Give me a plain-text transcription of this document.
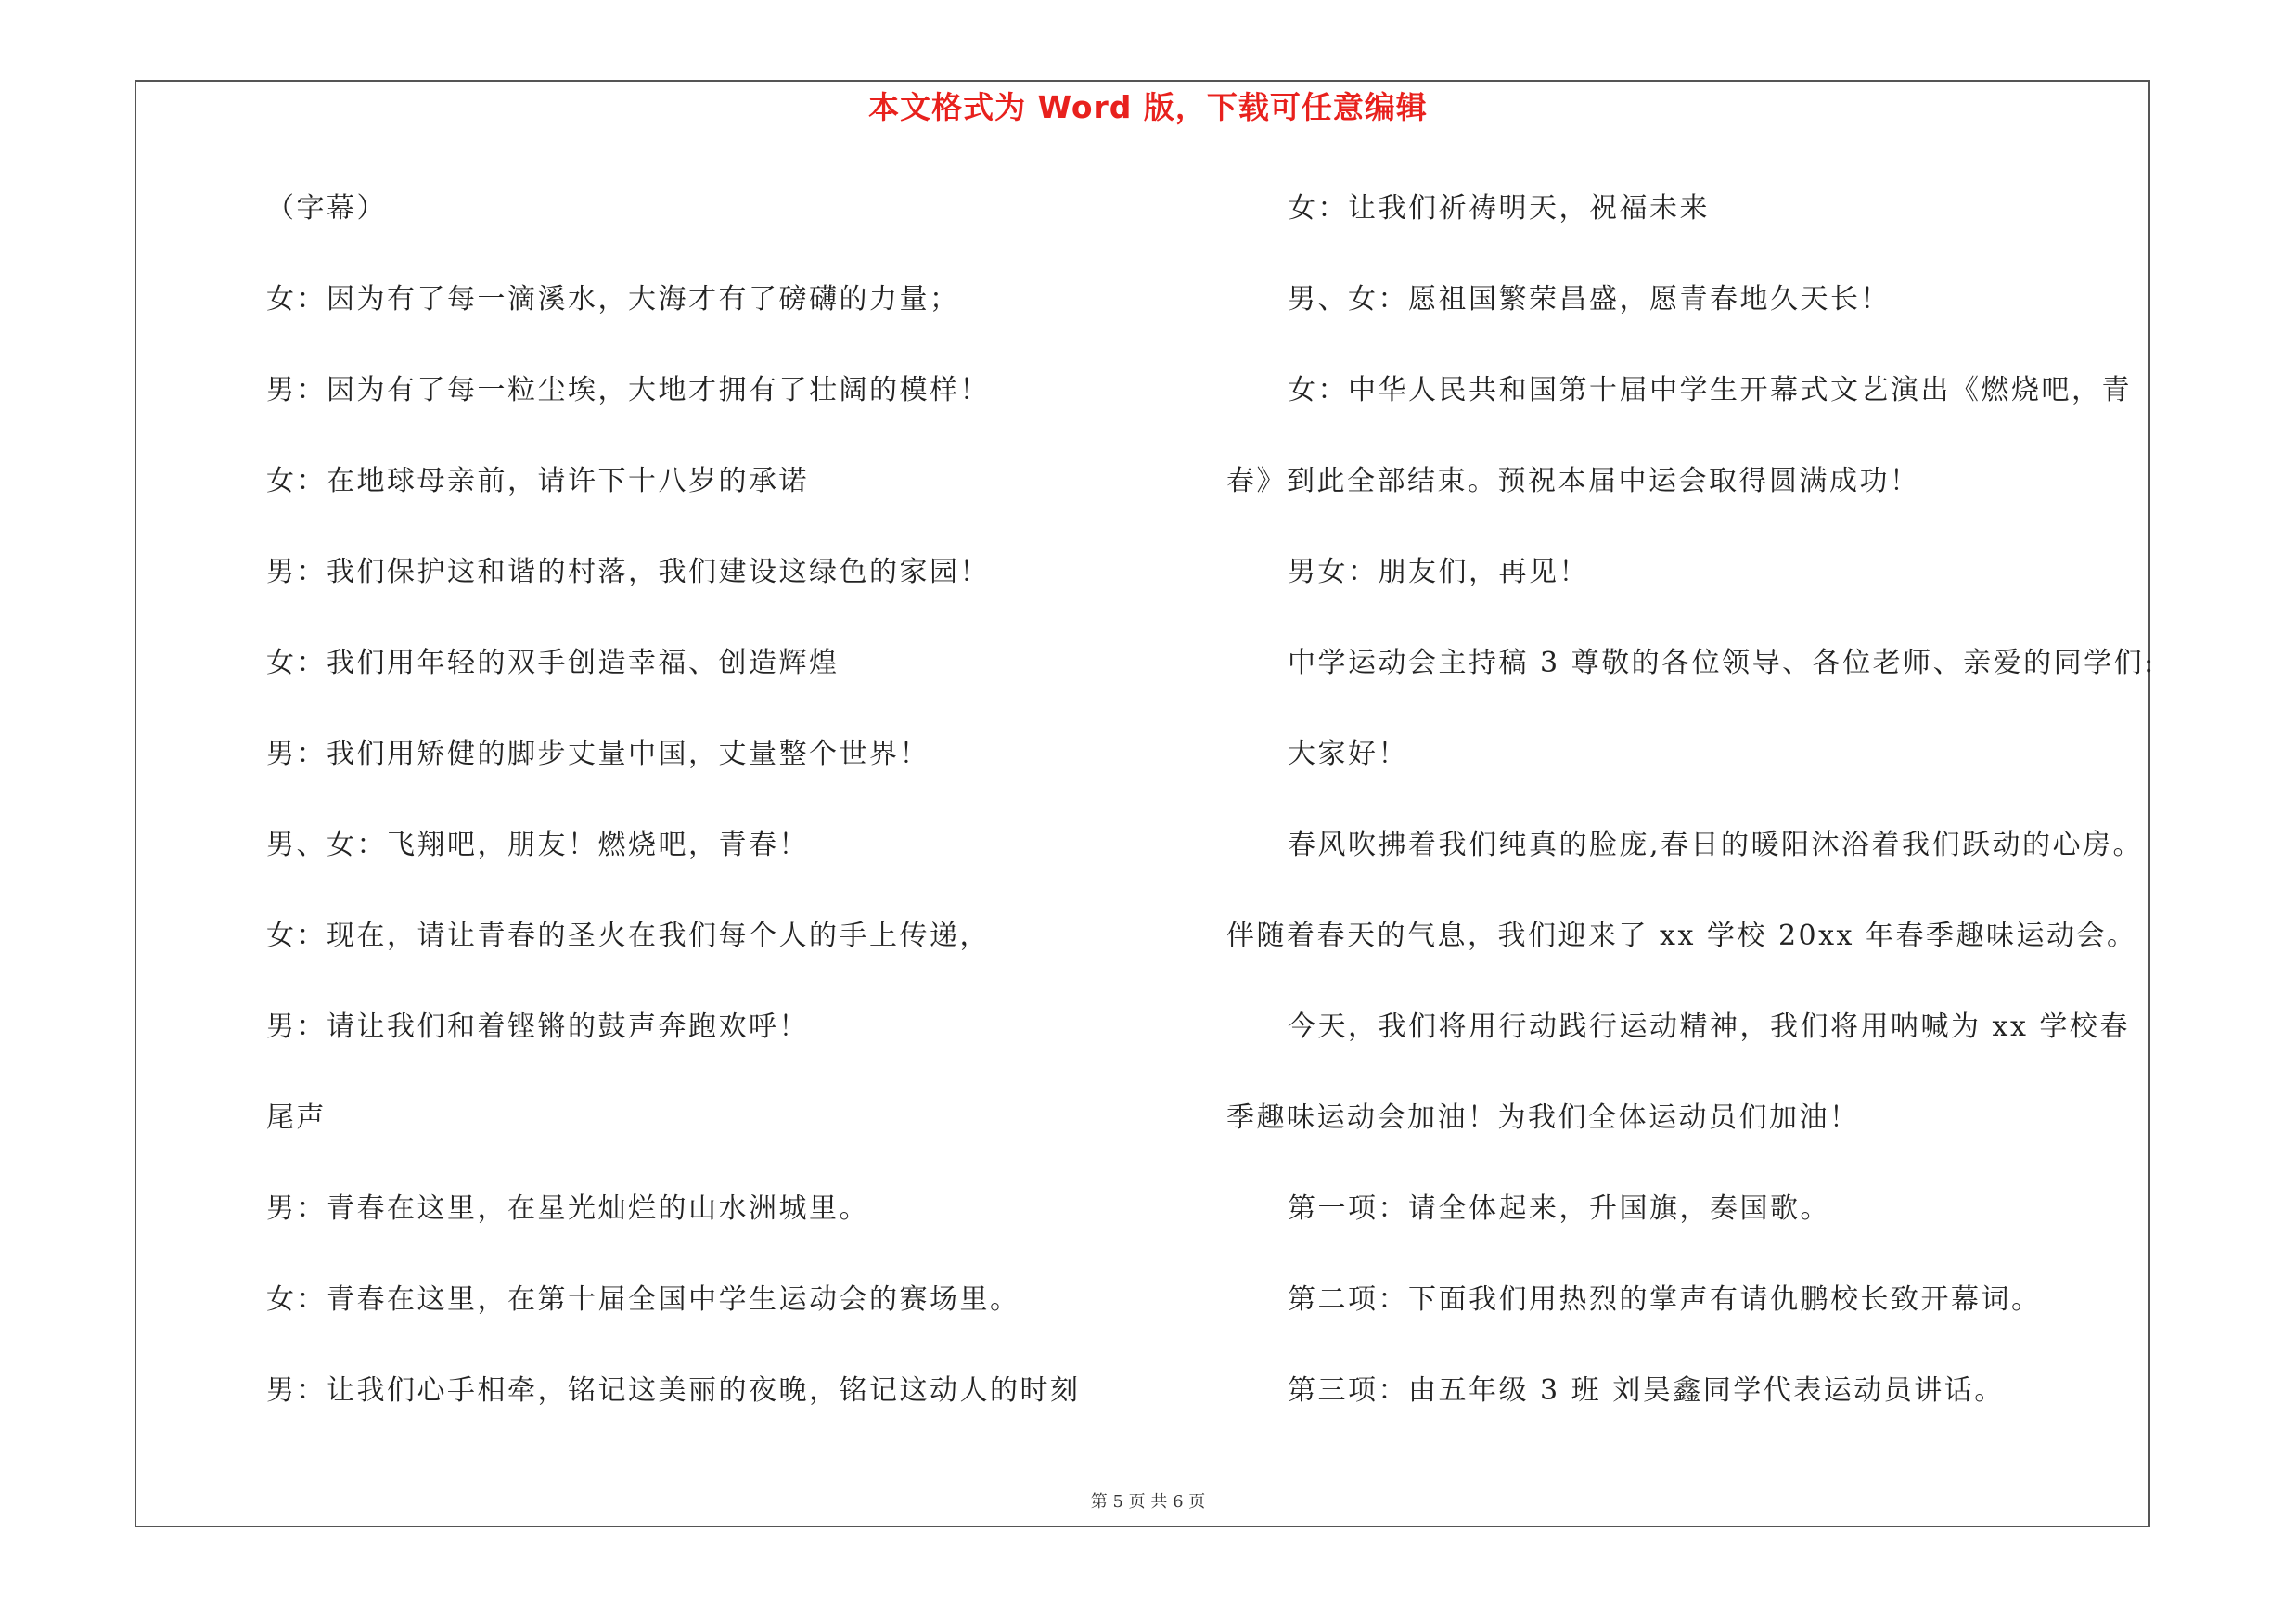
本文格式为 Word 版，下载可任意编辑
（字幕）
女：因为有了每一滴溪水，大海才有了磅礴的力量；
男：因为有了每一粒尘埃，大地才拥有了壮阔的模样！
女：在地球母亲前，请许下十八岁的承诺
男：我们保护这和谐的村落，我们建设这绿色的家园！
女：我们用年轻的双手创造幸福、创造辉煌
男：我们用矫健的脚步丈量中国，丈量整个世界！
男、女：飞翔吧，朋友！燃烧吧，青春！
女：现在，请让青春的圣火在我们每个人的手上传递，
男：请让我们和着铿锵的鼓声奔跑欢呼！
尾声
男：青春在这里，在星光灿烂的山水洲城里。
女：青春在这里，在第十届全国中学生运动会的赛场里。
男：让我们心手相牵，铭记这美丽的夜晚，铭记这动人的时刻
女：让我们祈祷明天，祝福未来
男、女：愿祖国繁荣昌盛，愿青春地久天长！
女：中华人民共和国第十届中学生开幕式文艺演出《燃烧吧，青
春》到此全部结束。预祝本届中运会取得圆满成功！
男女：朋友们，再见！
中学运动会主持稿 3 尊敬的各位领导、各位老师、亲爱的同学们:
大家好！
春风吹拂着我们纯真的脸庞,春日的暖阳沐浴着我们跃动的心房。
伴随着春天的气息，我们迎来了 xx 学校 20xx 年春季趣味运动会。
今天，我们将用行动践行运动精神，我们将用呐喊为 xx 学校春
季趣味运动会加油！为我们全体运动员们加油！
第一项：请全体起来，升国旗，奏国歌。
第二项：下面我们用热烈的掌声有请仇鹏校长致开幕词。
第三项：由五年级 3 班 刘昊鑫同学代表运动员讲话。
第 5 页 共 6 页
